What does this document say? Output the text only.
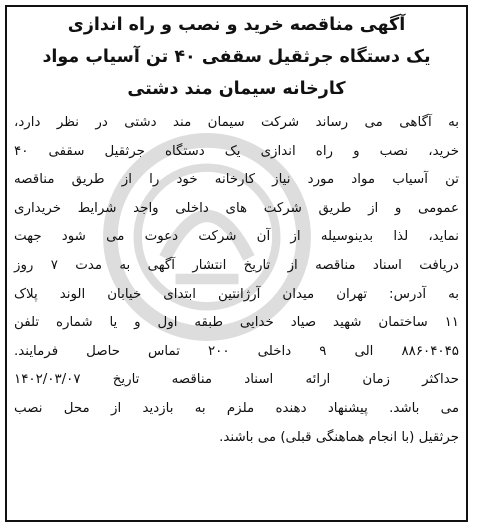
آگهی مناقصه خرید و نصب و راه اندازی
یک دستگاه جرثقیل سقفی ۴۰ تن آسیاب مواد
کارخانه سیمان مند دشتی
به آگاهی می رساند شرکت سیمان مند دشتی در نظر دارد،
خرید، نصب و راه اندازی یک دستگاه جرثقیل سقفی ۴۰
تن آسیاب مواد مورد نیاز کارخانه خود را از طریق مناقصه
عمومی و از طریق شرکت های داخلی واجد شرایط خریداری
نماید، لذا بدینوسیله از آن شرکت دعوت می شود جهت
دریافت اسناد مناقصه از تاریخ انتشار آگهی به مدت ۷ روز
به آدرس: تهران میدان آرژانتین ابتدای خیابان الوند پلاک
۱۱ ساختمان شهید صیاد خدایی طبقه اول و یا شماره تلفن
۸۸۶۰۴۰۴۵ الی ۹ داخلی ۲۰۰ تماس حاصل فرمایند.
حداکثر زمان ارائه اسناد مناقصه تاریخ ۱۴۰۲/۰۳/۰۷
می باشد. پیشنهاد دهنده ملزم به بازدید از محل نصب
جرثقیل (با انجام هماهنگی قبلی) می باشند.
